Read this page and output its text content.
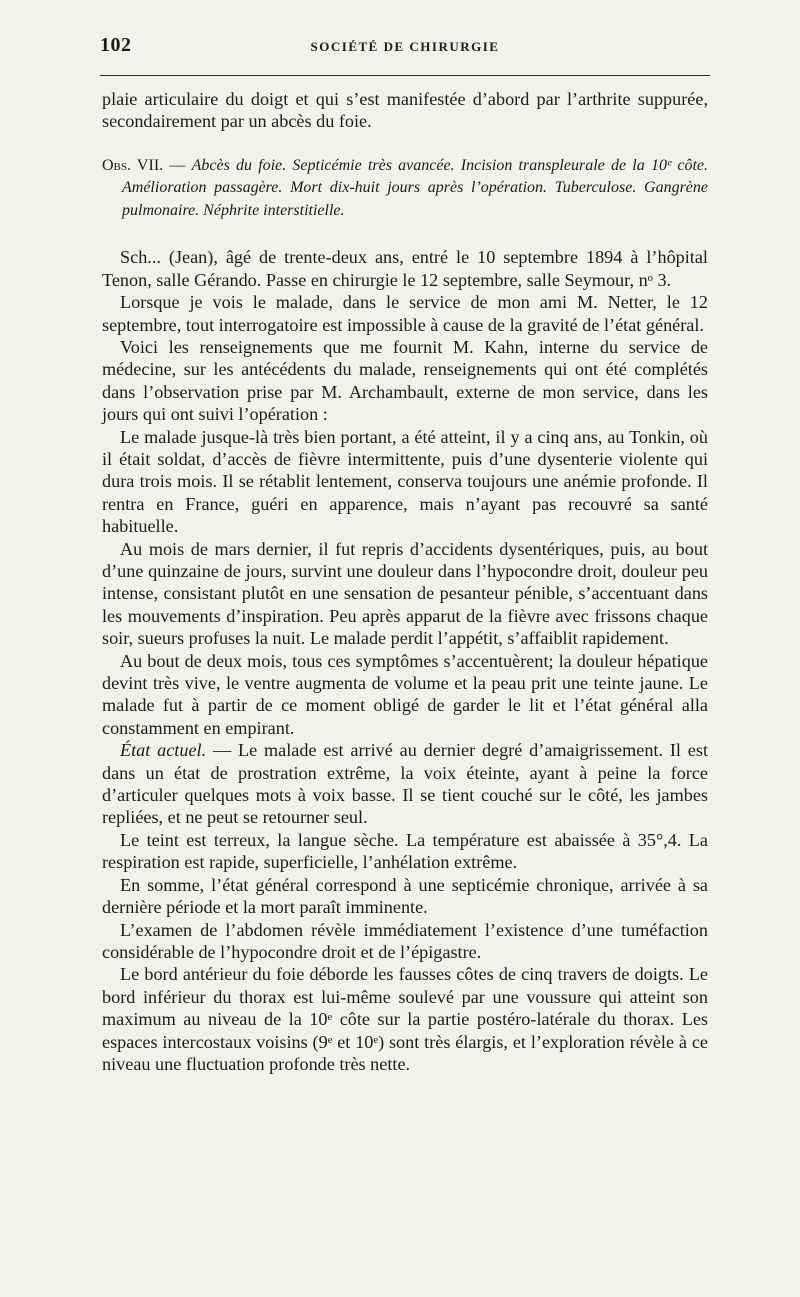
102	SOCIÉTÉ DE CHIRURGIE

plaie articulaire du doigt et qui s’est manifestée d’abord par l’arthrite suppurée, secondairement par un abcès du foie.

Obs. VII. — Abcès du foie. Septicémie très avancée. Incision transpleurale de la 10ᵉ côte. Amélioration passagère. Mort dix-huit jours après l’opération. Tuberculose. Gangrène pulmonaire. Néphrite interstitielle.

Sch... (Jean), âgé de trente-deux ans, entré le 10 septembre 1894 à l’hôpital Tenon, salle Gérando. Passe en chirurgie le 12 septembre, salle Seymour, nᵒ 3.

Lorsque je vois le malade, dans le service de mon ami M. Netter, le 12 septembre, tout interrogatoire est impossible à cause de la gravité de l’état général.

Voici les renseignements que me fournit M. Kahn, interne du service de médecine, sur les antécédents du malade, renseignements qui ont été complétés dans l’observation prise par M. Archambault, externe de mon service, dans les jours qui ont suivi l’opération :

Le malade jusque-là très bien portant, a été atteint, il y a cinq ans, au Tonkin, où il était soldat, d’accès de fièvre intermittente, puis d’une dysenterie violente qui dura trois mois. Il se rétablit lentement, conserva toujours une anémie profonde. Il rentra en France, guéri en apparence, mais n’ayant pas recouvré sa santé habituelle.

Au mois de mars dernier, il fut repris d’accidents dysentériques, puis, au bout d’une quinzaine de jours, survint une douleur dans l’hypocondre droit, douleur peu intense, consistant plutôt en une sensation de pesanteur pénible, s’accentuant dans les mouvements d’inspiration. Peu après apparut de la fièvre avec frissons chaque soir, sueurs profuses la nuit. Le malade perdit l’appétit, s’affaiblit rapidement.

Au bout de deux mois, tous ces symptômes s’accentuèrent; la douleur hépatique devint très vive, le ventre augmenta de volume et la peau prit une teinte jaune. Le malade fut à partir de ce moment obligé de garder le lit et l’état général alla constamment en empirant.

État actuel. — Le malade est arrivé au dernier degré d’amaigrissement. Il est dans un état de prostration extrême, la voix éteinte, ayant à peine la force d’articuler quelques mots à voix basse. Il se tient couché sur le côté, les jambes repliées, et ne peut se retourner seul.

Le teint est terreux, la langue sèche. La température est abaissée à 35°,4. La respiration est rapide, superficielle, l’anhélation extrême.

En somme, l’état général correspond à une septicémie chronique, arrivée à sa dernière période et la mort paraît imminente.

L’examen de l’abdomen révèle immédiatement l’existence d’une tuméfaction considérable de l’hypocondre droit et de l’épigastre.

Le bord antérieur du foie déborde les fausses côtes de cinq travers de doigts. Le bord inférieur du thorax est lui-même soulevé par une voussure qui atteint son maximum au niveau de la 10ᵉ côte sur la partie postéro-latérale du thorax. Les espaces intercostaux voisins (9ᵉ et 10ᵉ) sont très élargis, et l’exploration révèle à ce niveau une fluctuation profonde très nette.
